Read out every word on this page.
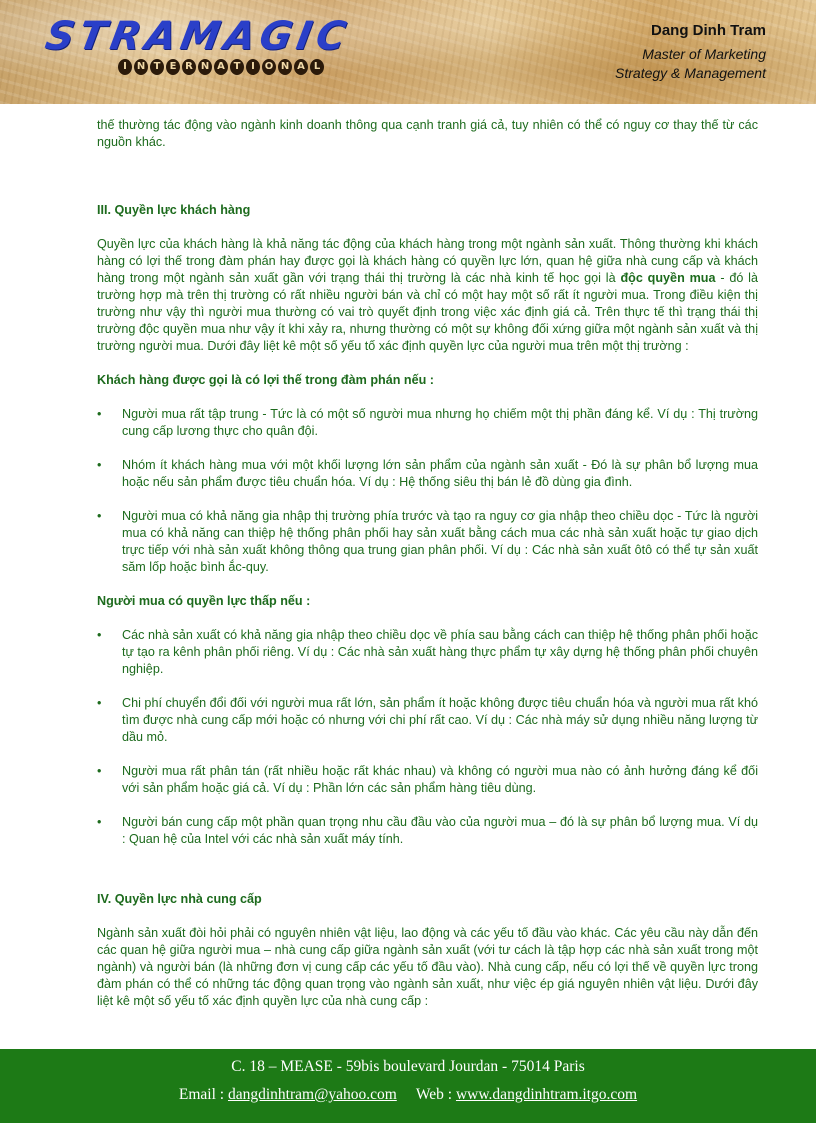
STRAMAGIC
I N T E R N A T	I O N A L
Dang Dinh Tram
Master of Marketing
Strategy & Management

thế thường tác động vào ngành kinh doanh thông qua cạnh tranh giá cả, tuy nhiên có thể có nguy cơ thay thế từ các nguồn khác.

III. Quyền lực khách hàng

Quyền lực của khách hàng là khả năng tác động của khách hàng trong một ngành sản xuất. Thông thường khi khách hàng có lợi thế trong đàm phán hay được gọi là khách hàng có quyền lực lớn, quan hệ giữa nhà cung cấp và khách hàng trong một ngành sản xuất gần với trạng thái thị trường là các nhà kinh tế học gọi là độc quyền mua - đó là trường hợp mà trên thị trường có rất nhiều người bán và chỉ có một hay một số rất ít người mua. Trong điều kiện thị trường như vậy thì người mua thường có vai trò quyết định trong việc xác định giá cả. Trên thực tế thì trạng thái thị trường độc quyền mua như vậy ít khi xảy ra, nhưng thường có một sự không đối xứng giữa một ngành sản xuất và thị trường người mua. Dưới đây liệt kê một số yếu tố xác định quyền lực của người mua trên một thị trường :

Khách hàng được gọi là có lợi thế trong đàm phán nếu :

• Người mua rất tập trung - Tức là có một số người mua nhưng họ chiếm một thị phần đáng kể. Ví dụ : Thị trường cung cấp lương thực cho quân đội.
• Nhóm ít khách hàng mua với một khối lượng lớn sản phẩm của ngành sản xuất - Đó là sự phân bổ lượng mua hoặc nếu sản phẩm được tiêu chuẩn hóa. Ví dụ : Hệ thống siêu thị bán lẻ đồ dùng gia đình.
• Người mua có khả năng gia nhập thị trường phía trước và tạo ra nguy cơ gia nhập theo chiều dọc - Tức là người mua có khả năng can thiệp hệ thống phân phối hay sản xuất bằng cách mua các nhà sản xuất hoặc tự giao dịch trực tiếp với nhà sản xuất không thông qua trung gian phân phối. Ví dụ : Các nhà sản xuất ôtô có thể tự sản xuất săm lốp hoặc bình ắc-quy.

Người mua có quyền lực thấp nếu :

• Các nhà sản xuất có khả năng gia nhập theo chiều dọc về phía sau bằng cách can thiệp hệ thống phân phối hoặc tự tạo ra kênh phân phối riêng. Ví dụ : Các nhà sản xuất hàng thực phẩm tự xây dựng hệ thống phân phối chuyên nghiệp.
• Chi phí chuyển đổi đối với người mua rất lớn, sản phẩm ít hoặc không được tiêu chuẩn hóa và người mua rất khó tìm được nhà cung cấp mới hoặc có nhưng với chi phí rất cao. Ví dụ : Các nhà máy sử dụng nhiều năng lượng từ dầu mỏ.
• Người mua rất phân tán (rất nhiều hoặc rất khác nhau) và không có người mua nào có ảnh hưởng đáng kể đối với sản phẩm hoặc giá cả. Ví dụ : Phần lớn các sản phẩm hàng tiêu dùng.
• Người bán cung cấp một phần quan trọng nhu cầu đầu vào của người mua – đó là sự phân bổ lượng mua. Ví dụ : Quan hệ của Intel với các nhà sản xuất máy tính.

IV. Quyền lực nhà cung cấp

Ngành sản xuất đòi hỏi phải có nguyên nhiên vật liệu, lao động và các yếu tố đầu vào khác. Các yêu cầu này dẫn đến các quan hệ giữa người mua – nhà cung cấp giữa ngành sản xuất (với tư cách là tập hợp các nhà sản xuất trong một ngành) và người bán (là những đơn vị cung cấp các yếu tố đầu vào). Nhà cung cấp, nếu có lợi thế về quyền lực trong đàm phán có thể có những tác động quan trọng vào ngành sản xuất, như việc ép giá nguyên nhiên vật liệu. Dưới đây liệt kê một số yếu tố xác định quyền lực của nhà cung cấp :

C. 18 – MEASE - 59bis boulevard Jourdan - 75014 Paris
Email : dangdinhtram@yahoo.com Web : www.dangdinhtram.itgo.com
